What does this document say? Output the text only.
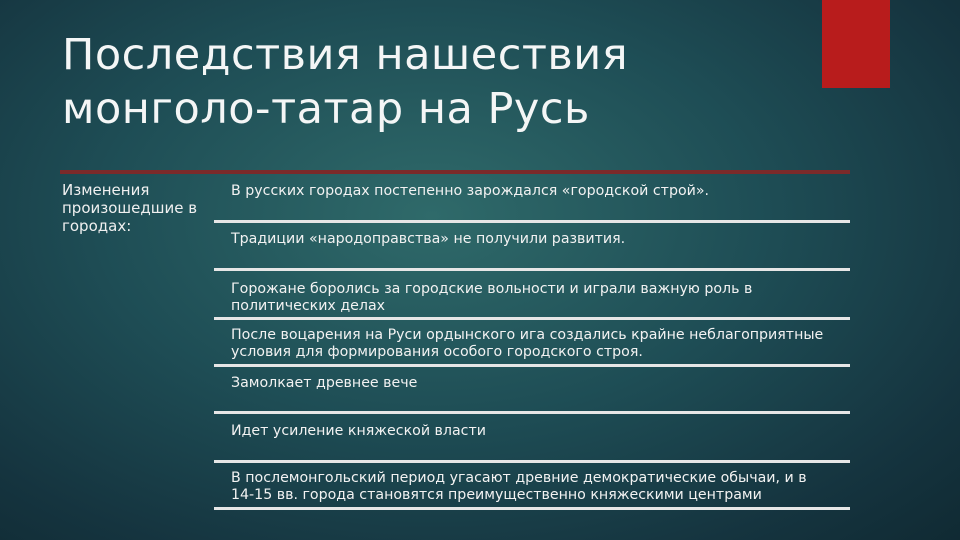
Последствия нашествия
монголо-татар на Русь
Изменения произошедшие в городах:
В русских городах постепенно зарождался «городской строй».
Традиции «народоправства» не получили развития.
Горожане боролись за городские вольности и играли важную роль в политических делах
После воцарения на Руси ордынского ига создались крайне неблагоприятные условия для формирования особого городского строя.
Замолкает древнее вече
Идет усиление княжеской власти
В послемонгольский период угасают древние демократические обычаи, и в 14-15 вв. города становятся преимущественно княжескими центрами
